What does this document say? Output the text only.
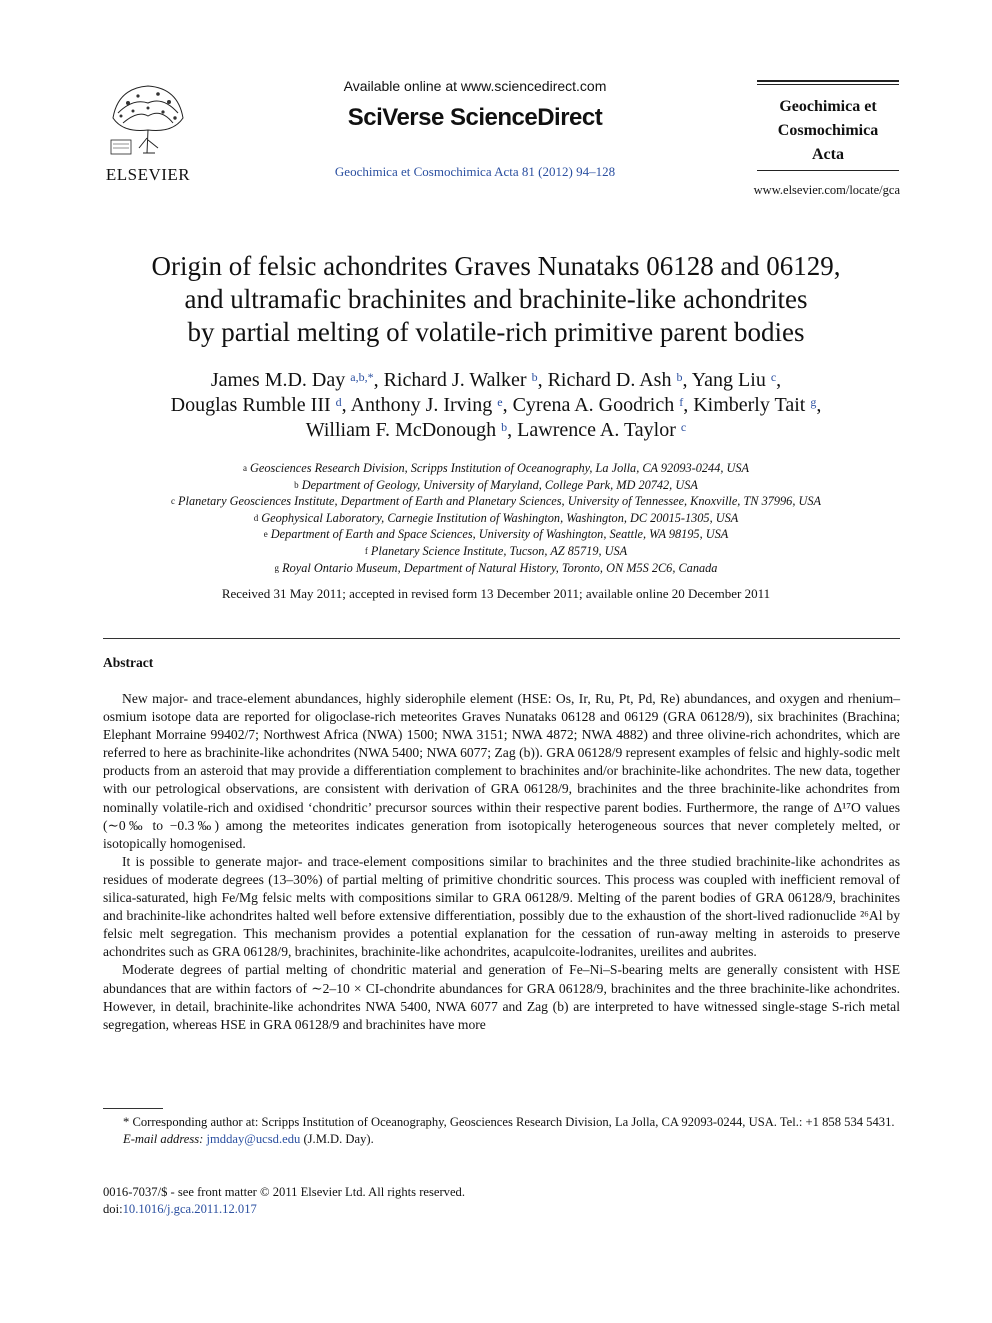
ELSEVIER
Available online at www.sciencedirect.com
SciVerse ScienceDirect
Geochimica et Cosmochimica Acta 81 (2012) 94–128
Geochimica et
Cosmochimica
Acta
www.elsevier.com/locate/gca
Origin of felsic achondrites Graves Nunataks 06128 and 06129,
and ultramafic brachinites and brachinite-like achondrites
by partial melting of volatile-rich primitive parent bodies
James M.D. Day $^{a,b,*}$, Richard J. Walker $^b$, Richard D. Ash $^b$, Yang Liu $^c$,
Douglas Rumble III $^d$, Anthony J. Irving $^e$, Cyrena A. Goodrich $^f$, Kimberly Tait $^g$,
William F. McDonough $^b$, Lawrence A. Taylor $^c$
$^a$ Geosciences Research Division, Scripps Institution of Oceanography, La Jolla, CA 92093-0244, USA
$^b$ Department of Geology, University of Maryland, College Park, MD 20742, USA
$^c$ Planetary Geosciences Institute, Department of Earth and Planetary Sciences, University of Tennessee, Knoxville, TN 37996, USA
$^d$ Geophysical Laboratory, Carnegie Institution of Washington, Washington, DC 20015-1305, USA
$^e$ Department of Earth and Space Sciences, University of Washington, Seattle, WA 98195, USA
$^f$ Planetary Science Institute, Tucson, AZ 85719, USA
$^g$ Royal Ontario Museum, Department of Natural History, Toronto, ON M5S 2C6, Canada
Received 31 May 2011; accepted in revised form 13 December 2011; available online 20 December 2011
Abstract

New major- and trace-element abundances, highly siderophile element (HSE: Os, Ir, Ru, Pt, Pd, Re) abundances, and oxygen and rhenium–osmium isotope data are reported for oligoclase-rich meteorites Graves Nunataks 06128 and 06129 (GRA 06128/9), six brachinites (Brachina; Elephant Morraine 99402/7; Northwest Africa (NWA) 1500; NWA 3151; NWA 4872; NWA 4882) and three olivine-rich achondrites, which are referred to here as brachinite-like achondrites (NWA 5400; NWA 6077; Zag (b)). GRA 06128/9 represent examples of felsic and highly-sodic melt products from an asteroid that may provide a differentiation complement to brachinites and/or brachinite-like achondrites. The new data, together with our petrological observations, are consistent with derivation of GRA 06128/9, brachinites and the three brachinite-like achondrites from nominally volatile-rich and oxidised ‘chondritic’ precursor sources within their respective parent bodies. Furthermore, the range of Δ¹⁷O values (∼0‰ to −0.3‰) among the meteorites indicates generation from isotopically heterogeneous sources that never completely melted, or isotopically homogenised.

It is possible to generate major- and trace-element compositions similar to brachinites and the three studied brachinite-like achondrites as residues of moderate degrees (13–30%) of partial melting of primitive chondritic sources. This process was coupled with inefficient removal of silica-saturated, high Fe/Mg felsic melts with compositions similar to GRA 06128/9. Melting of the parent bodies of GRA 06128/9, brachinites and brachinite-like achondrites halted well before extensive differentiation, possibly due to the exhaustion of the short-lived radionuclide ²⁶Al by felsic melt segregation. This mechanism provides a potential explanation for the cessation of run-away melting in asteroids to preserve achondrites such as GRA 06128/9, brachinites, brachinite-like achondrites, acapulcoite-lodranites, ureilites and aubrites.

Moderate degrees of partial melting of chondritic material and generation of Fe–Ni–S-bearing melts are generally consistent with HSE abundances that are within factors of ∼2–10 × CI-chondrite abundances for GRA 06128/9, brachinites and the three brachinite-like achondrites. However, in detail, brachinite-like achondrites NWA 5400, NWA 6077 and Zag (b) are interpreted to have witnessed single-stage S-rich metal segregation, whereas HSE in GRA 06128/9 and brachinites have more

* Corresponding author at: Scripps Institution of Oceanography, Geosciences Research Division, La Jolla, CA 92093-0244, USA. Tel.: +1 858 534 5431.
E-mail address: jmdday@ucsd.edu (J.M.D. Day).
0016-7037/$ - see front matter © 2011 Elsevier Ltd. All rights reserved.
doi:10.1016/j.gca.2011.12.017
